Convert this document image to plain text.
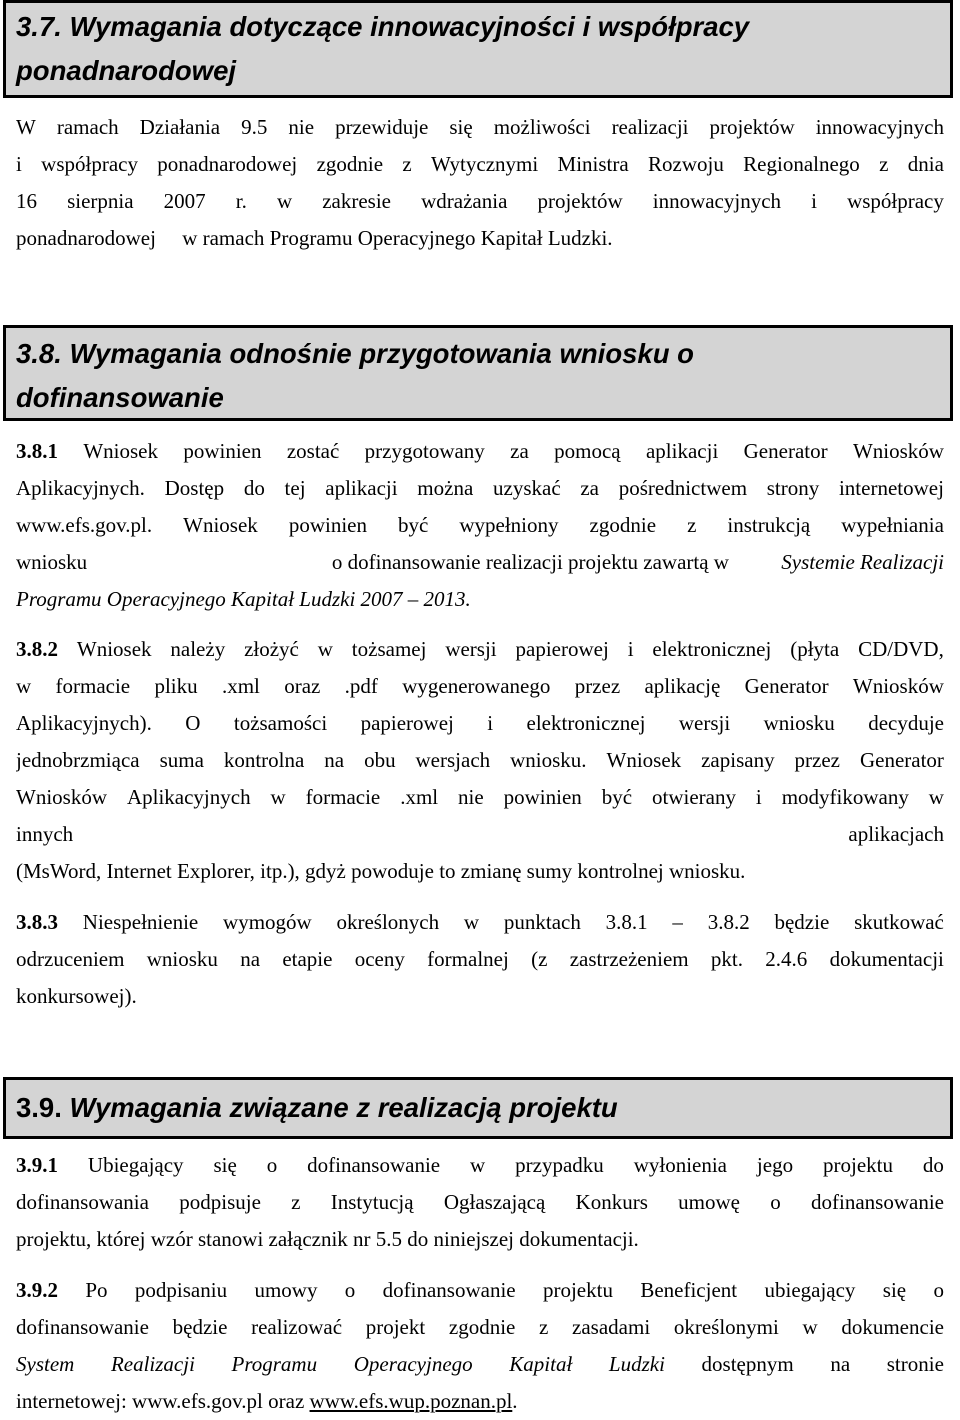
3.7. Wymagania dotyczące innowacyjności i współpracy
ponadnarodowej
W ramach Działania 9.5 nie przewiduje się możliwości realizacji projektów innowacyjnych
i współpracy ponadnarodowej zgodnie z Wytycznymi Ministra Rozwoju Regionalnego z dnia
16 sierpnia 2007 r. w zakresie wdrażania projektów innowacyjnych i współpracy
ponadnarodowej     w ramach Programu Operacyjnego Kapitał Ludzki.
3.8. Wymagania odnośnie przygotowania wniosku o
dofinansowanie
3.8.1 Wniosek powinien zostać przygotowany za pomocą aplikacji Generator Wniosków
Aplikacyjnych. Dostęp do tej aplikacji można uzyskać za pośrednictwem strony internetowej
www.efs.gov.pl. Wniosek powinien być wypełniony zgodnie z instrukcją wypełniania
wniosku	o dofinansowanie realizacji projektu zawartą w Systemie Realizacji
Programu Operacyjnego Kapitał Ludzki 2007 – 2013.
3.8.2 Wniosek należy złożyć w tożsamej wersji papierowej i elektronicznej (płyta CD/DVD,
w formacie pliku .xml oraz .pdf wygenerowanego przez aplikację Generator Wniosków
Aplikacyjnych). O tożsamości papierowej i elektronicznej wersji wniosku decyduje
jednobrzmiąca suma kontrolna na obu wersjach wniosku. Wniosek zapisany przez Generator
Wniosków Aplikacyjnych w formacie .xml nie powinien być otwierany i modyfikowany w
innych	aplikacjach
(MsWord, Internet Explorer, itp.), gdyż powoduje to zmianę sumy kontrolnej wniosku.
3.8.3 Niespełnienie wymogów określonych w punktach 3.8.1 – 3.8.2 będzie skutkować
odrzuceniem wniosku na etapie oceny formalnej (z zastrzeżeniem pkt. 2.4.6 dokumentacji
konkursowej).
3.9. Wymagania związane z realizacją projektu
3.9.1 Ubiegający się o dofinansowanie w przypadku wyłonienia jego projektu do
dofinansowania podpisuje z Instytucją Ogłaszającą Konkurs umowę o dofinansowanie
projektu, której wzór stanowi załącznik nr 5.5 do niniejszej dokumentacji.
3.9.2 Po podpisaniu umowy o dofinansowanie projektu Beneficjent ubiegający się o
dofinansowanie będzie realizować projekt zgodnie z zasadami określonymi w dokumencie
System Realizacji Programu Operacyjnego Kapitał Ludzki dostępnym na stronie
internetowej: www.efs.gov.pl oraz www.efs.wup.poznan.pl.
